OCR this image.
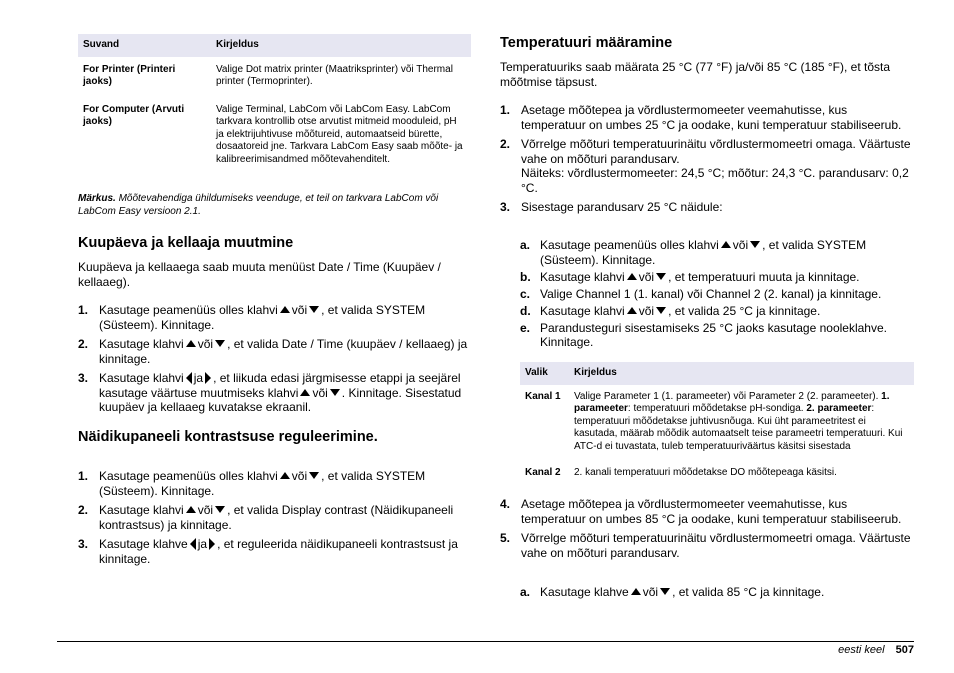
Suvand	Kirjeldus
For Printer (Printeri jaoks)	Valige Dot matrix printer (Maatriksprinter) või Thermal printer (Termoprinter).
For Computer (Arvuti jaoks)	Valige Terminal, LabCom või LabCom Easy. LabCom tarkvara kontrollib otse arvutist mitmeid mooduleid, pH ja elektrijuhtivuse mõõtureid, automaatseid bürette, dosaatoreid jne. Tarkvara LabCom Easy saab mõõte- ja kalibreerimisandmed mõõtevahenditelt.

Märkus. Mõõtevahendiga ühildumiseks veenduge, et teil on tarkvara LabCom või LabCom Easy versioon 2.1.

Kuupäeva ja kellaaja muutmine

Kuupäeva ja kellaaega saab muuta menüüst Date / Time (Kuupäev / kellaaeg).

1. Kasutage peamenüüs olles klahvi või , et valida SYSTEM (Süsteem). Kinnitage.
2. Kasutage klahvi või , et valida Date / Time (kuupäev / kellaaeg) ja kinnitage.
3. Kasutage klahvi ja , et liikuda edasi järgmisesse etappi ja seejärel kasutage väärtuse muutmiseks klahvi või . Kinnitage. Sisestatud kuupäev ja kellaaeg kuvatakse ekraanil.
Näidikupaneeli kontrastsuse reguleerimine.
1. Kasutage peamenüüs olles klahvi või , et valida SYSTEM (Süsteem). Kinnitage.
2. Kasutage klahvi või , et valida Display contrast (Näidikupaneeli kontrastsus) ja kinnitage.
3. Kasutage klahve ja , et reguleerida näidikupaneeli kontrastsust ja kinnitage.
Temperatuuri määramine

Temperatuuriks saab määrata 25 °C (77 °F) ja/või 85 °C (185 °F), et tõsta mõõtmise täpsust.

1. Asetage mõõtepea ja võrdlustermomeeter veemahutisse, kus temperatuur on umbes 25 °C ja oodake, kuni temperatuur stabiliseerub.
2. Võrrelge mõõturi temperatuurinäitu võrdlustermomeetri omaga. Väärtuste vahe on mõõturi parandusarv.
Näiteks: võrdlustermomeeter: 24,5 °C; mõõtur: 24,3 °C. parandusarv: 0,2 °C.
3. Sisestage parandusarv 25 °C näidule:
a. Kasutage peamenüüs olles klahvi või , et valida SYSTEM (Süsteem). Kinnitage.
b. Kasutage klahvi või , et temperatuuri muuta ja kinnitage.
c. Valige Channel 1 (1. kanal) või Channel 2 (2. kanal) ja kinnitage.
d. Kasutage klahvi või , et valida 25 °C ja kinnitage.
e. Parandusteguri sisestamiseks 25 °C jaoks kasutage nooleklahve. Kinnitage.
Valik	Kirjeldus
Kanal 1	Valige Parameter 1 (1. parameeter) või Parameter 2 (2. parameeter). 1. parameeter: temperatuuri mõõdetakse pH-sondiga. 2. parameeter: temperatuuri mõõdetakse juhtivusnõuga. Kui üht parameetritest ei kasutada, määrab mõõdik automaatselt teise parameetri temperatuuri. Kui ATC-d ei tuvastata, tuleb temperatuuriväärtus käsitsi sisestada
Kanal 2	2. kanali temperatuuri mõõdetakse DO mõõtepeaga käsitsi.
4. Asetage mõõtepea ja võrdlustermomeeter veemahutisse, kus temperatuur on umbes 85 °C ja oodake, kuni temperatuur stabiliseerub.
5. Võrrelge mõõturi temperatuurinäitu võrdlustermomeetri omaga. Väärtuste vahe on mõõturi parandusarv.
a. Kasutage klahve või , et valida 85 °C ja kinnitage.
eesti keel 507
